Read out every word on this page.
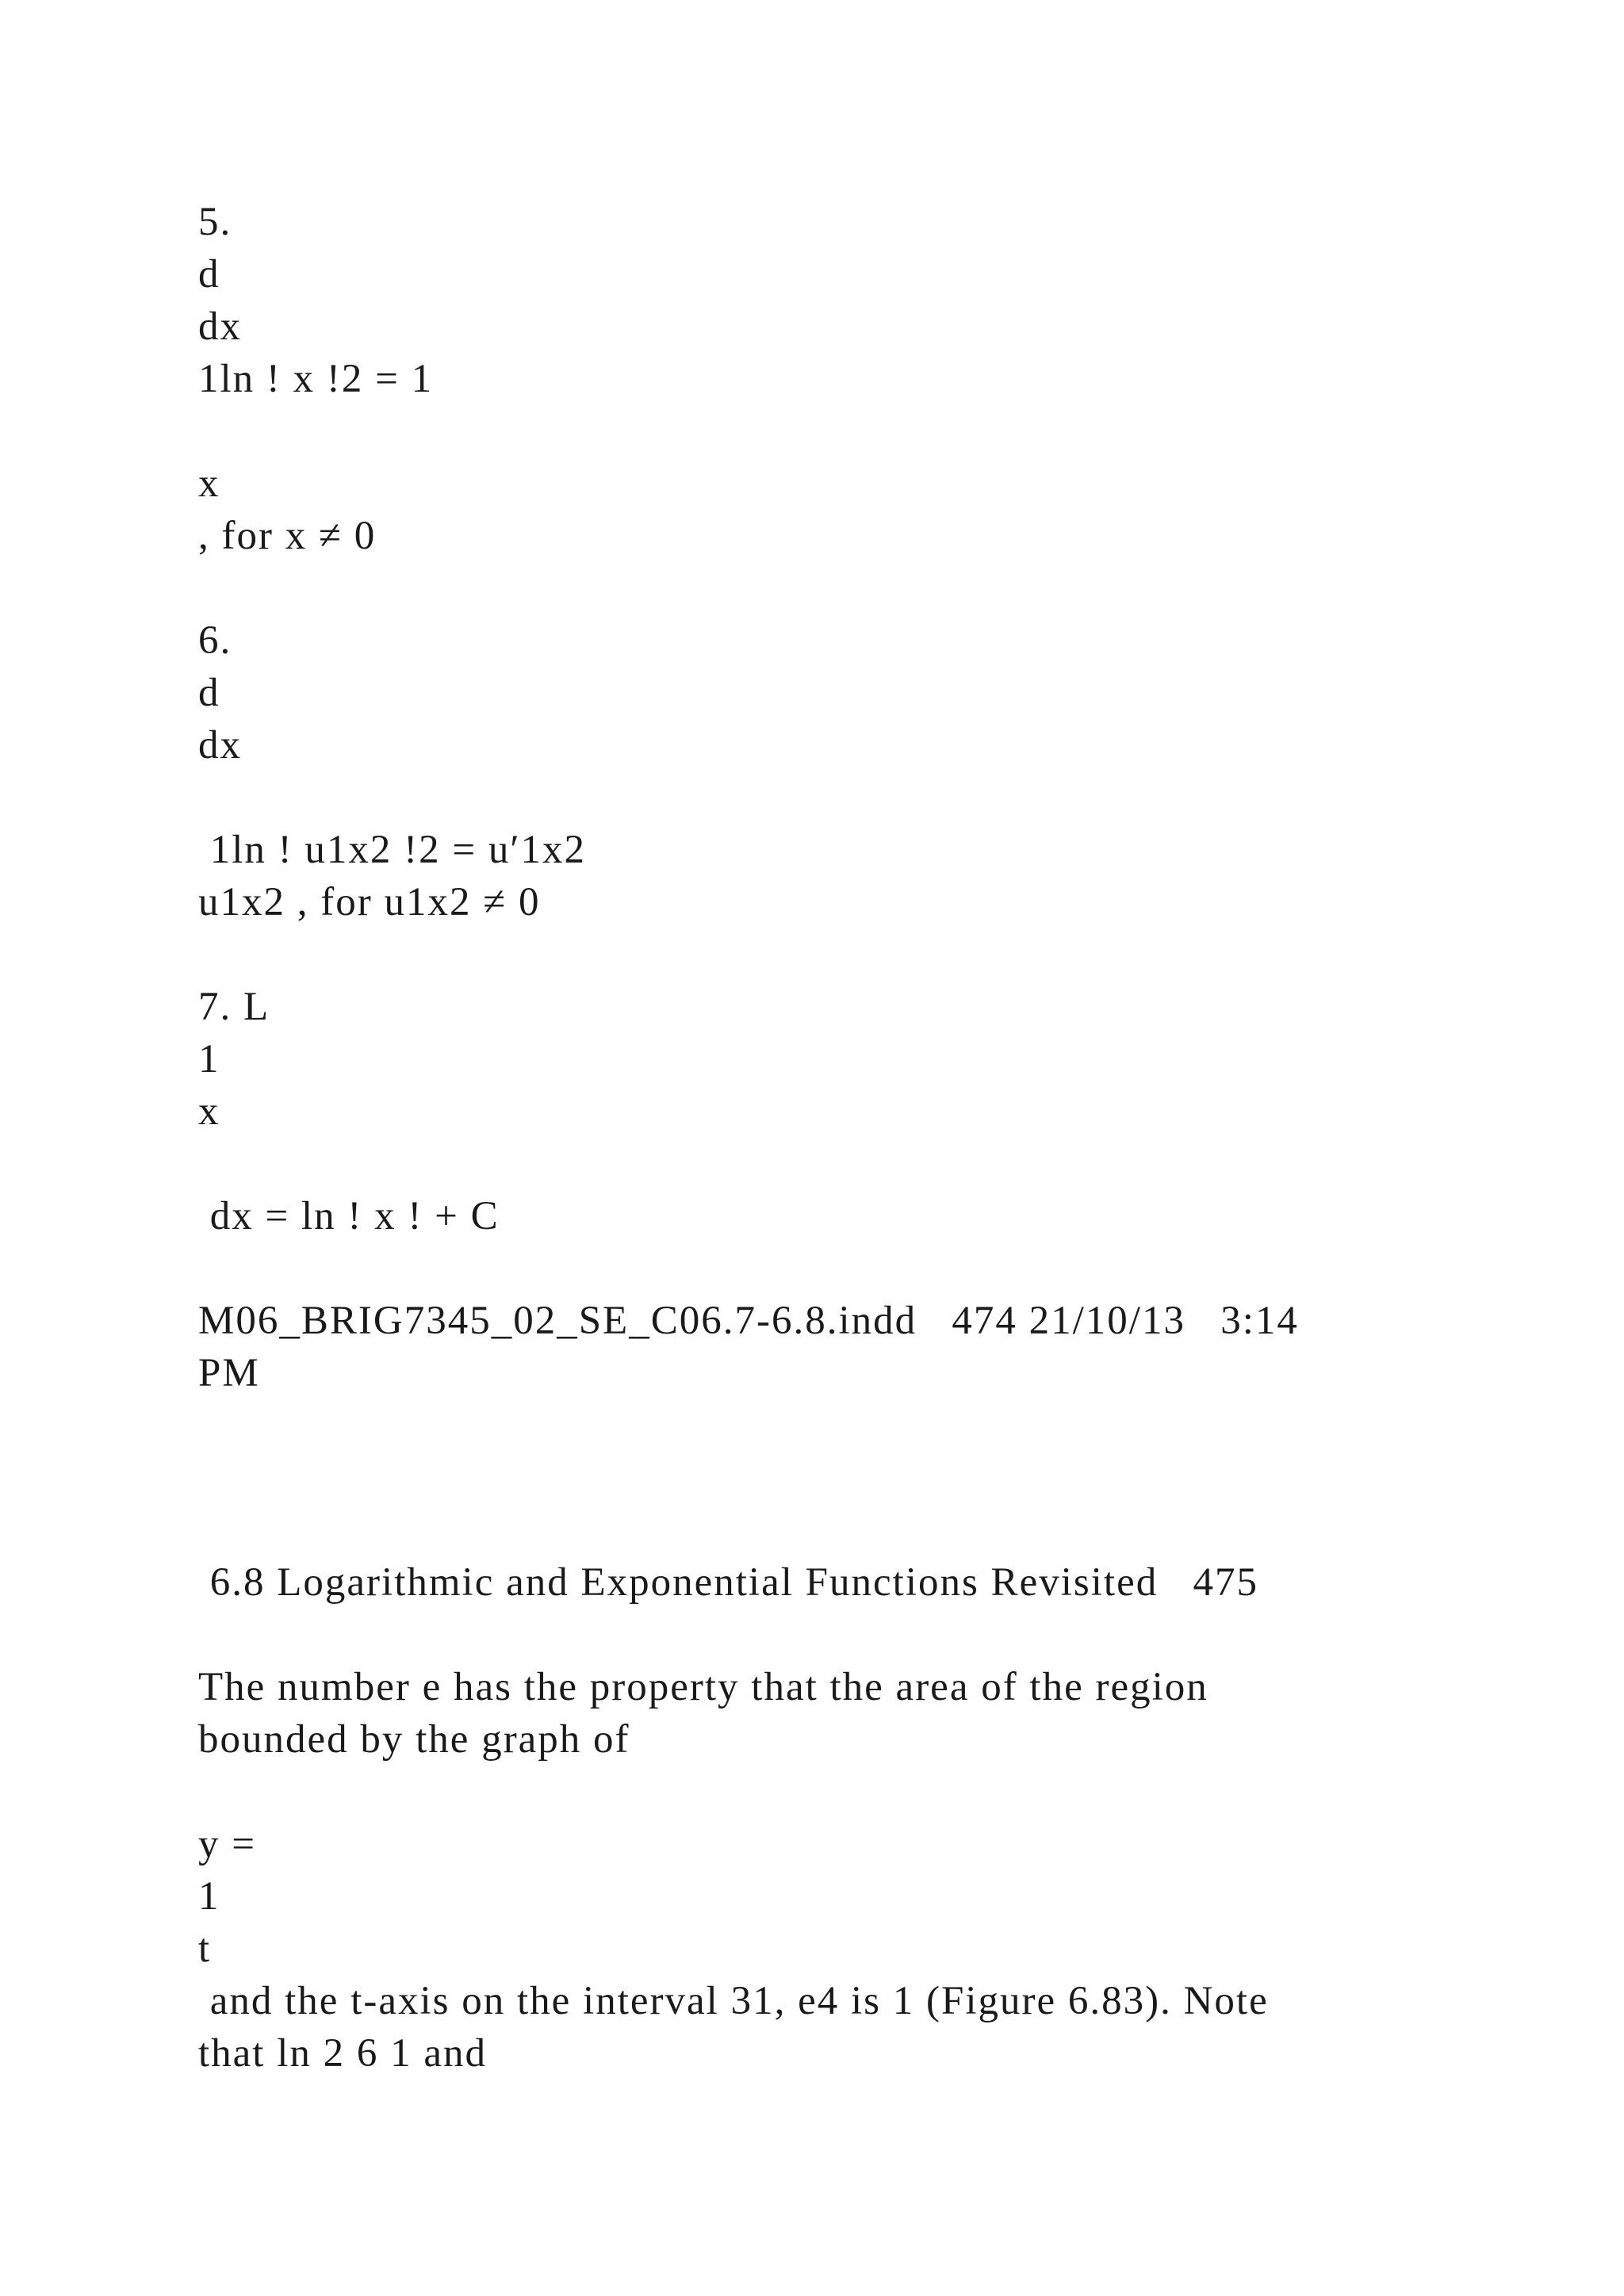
5.

d

dx

1ln ! x !2 = 1

x

, for x ≠ 0

6.

d

dx

1ln ! u1x2 !2 = u′1x2

u1x2 , for u1x2 ≠ 0

7. L

1

x

dx = ln ! x ! + C

M06_BRIG7345_02_SE_C06.7-6.8.indd   474 21/10/13   3:14

PM

6.8 Logarithmic and Exponential Functions Revisited   475

The number e has the property that the area of the region

bounded by the graph of

y =

1

t

and the t-axis on the interval 31, e4 is 1 (Figure 6.83). Note

that ln 2 6 1 and
